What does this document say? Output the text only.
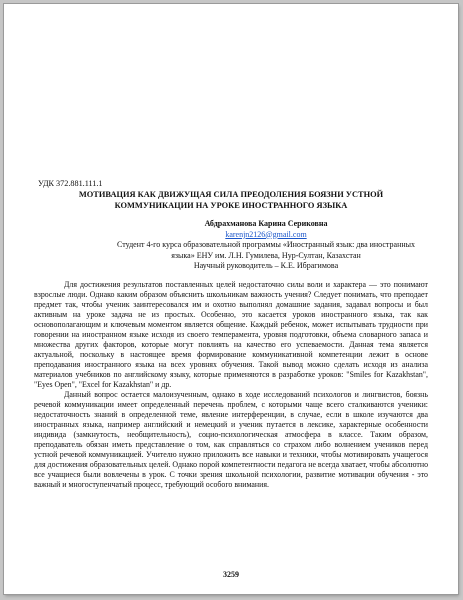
УДК 372.881.111.1
МОТИВАЦИЯ КАК ДВИЖУЩАЯ СИЛА ПРЕОДОЛЕНИЯ БОЯЗНИ УСТНОЙ
КОММУНИКАЦИИ НА УРОКЕ ИНОСТРАННОГО ЯЗЫКА
Абдрахманова Карина Сериковна
karenjn2126@gmail.com
Студент 4-го курса образовательной программы «Иностранный язык: два иностранных
языка» ЕНУ им. Л.Н. Гумилева, Нур-Султан, Казахстан
Научный руководитель – К.Е. Ибрагимова

Для достижения результатов поставленных целей недостаточно силы воли и характера — это понимают взрослые люди. Однако каким образом объяснить школьникам важность учения? Следует понимать, что преподает предмет так, чтобы ученик заинтересовался им и охотно выполнял домашние задания, задавал вопросы и был активным на уроке задача не из простых. Особенно, это касается уроков иностранного языка, так как основополагающим и ключевым моментом является общение. Каждый ребенок, может испытывать трудности при говорении на иностранном языке исходя из своего темперамента, уровня подготовки, объема словарного запаса и множества других факторов, которые могут повлиять на качество его успеваемости. Данная тема является актуальной, поскольку в настоящее время формирование коммуникативной компетенции лежит в основе преподавания иностранного языка на всех уровнях обучения. Такой вывод можно сделать исходя из анализа материалов учебников по английскому языку, которые применяются в разработке уроков: "Smiles for Kazakhstan", "Eyes Open", "Excel for Kazakhstan" и др.

Данный вопрос остается малоизученным, однако в ходе исследований психологов и лингвистов, боязнь речевой коммуникации имеет определенный перечень проблем, с которыми чаще всего сталкиваются ученики: недостаточность знаний в определенной теме, явление интерференции, в случае, если в школе изучаются два иностранных языка, например английский и немецкий и ученик путается в лексике, характерные особенности индивида (замкнутость, необщительность), социо-психологическая атмосфера в классе. Таким образом, преподаватель обязан иметь представление о том, как справляться со страхом либо волнением учеников перед устной речевой коммуникацией. Учителю нужно приложить все навыки и техники, чтобы мотивировать учащегося для достижения образовательных целей. Однако порой компетентности педагога не всегда хватает, чтобы абсолютно все учащиеся были вовлечены в урок. С точки зрения школьной психологии, развитие мотивации обучения - это важный и многоступенчатый процесс, требующий особого внимания.

3259
